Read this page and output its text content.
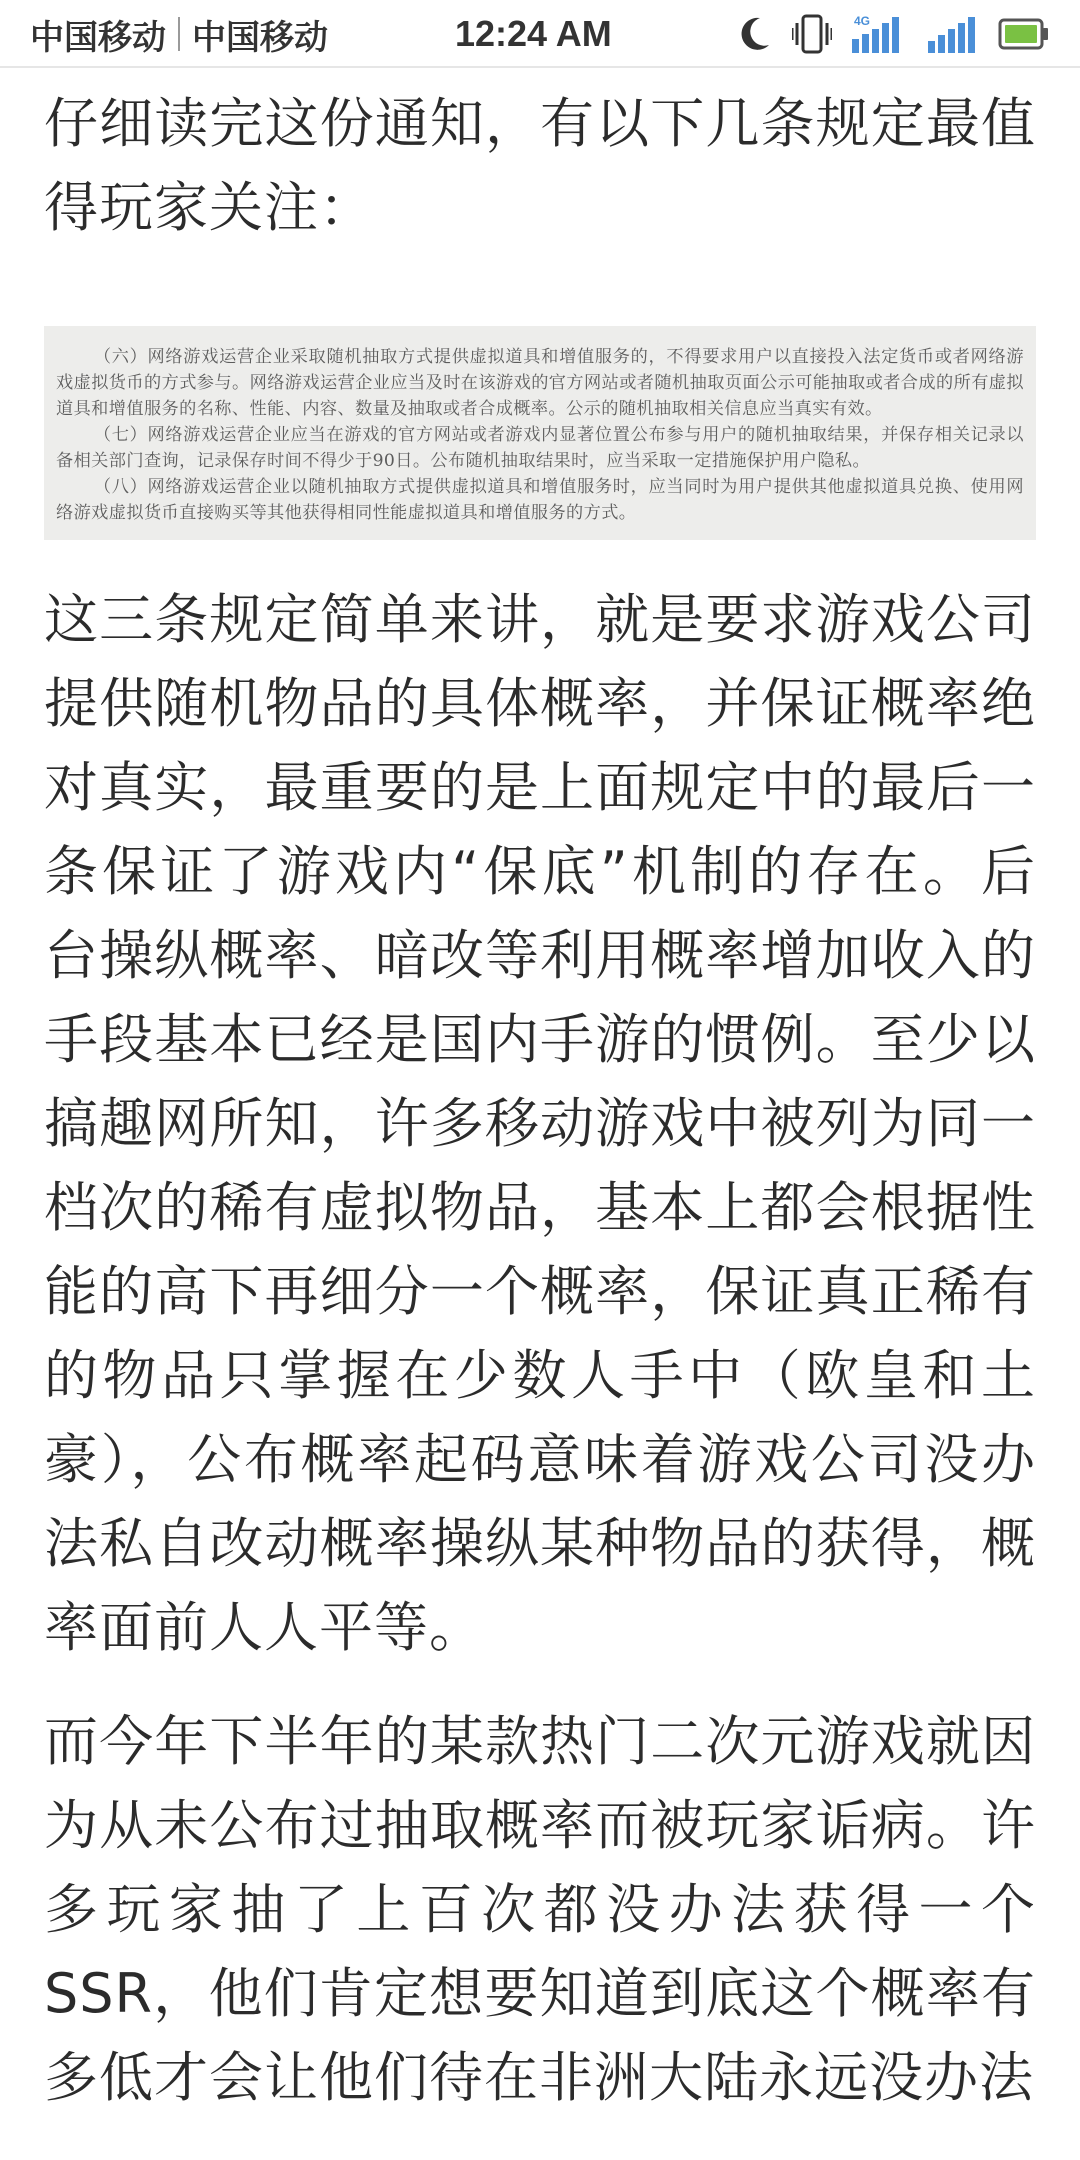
中国移动 中国移动	12:24 AM	4G

仔细读完这份通知，有以下几条规定最值得玩家关注：

（六）网络游戏运营企业采取随机抽取方式提供虚拟道具和增值服务的，不得要求用户以直接投入法定货币或者网络游戏虚拟货币的方式参与。网络游戏运营企业应当及时在该游戏的官方网站或者随机抽取页面公示可能抽取或者合成的所有虚拟道具和增值服务的名称、性能、内容、数量及抽取或者合成概率。公示的随机抽取相关信息应当真实有效。

（七）网络游戏运营企业应当在游戏的官方网站或者游戏内显著位置公布参与用户的随机抽取结果，并保存相关记录以备相关部门查询，记录保存时间不得少于90日。公布随机抽取结果时，应当采取一定措施保护用户隐私。

（八）网络游戏运营企业以随机抽取方式提供虚拟道具和增值服务时，应当同时为用户提供其他虚拟道具兑换、使用网络游戏虚拟货币直接购买等其他获得相同性能虚拟道具和增值服务的方式。

这三条规定简单来讲，就是要求游戏公司提供随机物品的具体概率，并保证概率绝对真实，最重要的是上面规定中的最后一条保证了游戏内“保底”机制的存在。后台操纵概率、暗改等利用概率增加收入的手段基本已经是国内手游的惯例。至少以搞趣网所知，许多移动游戏中被列为同一档次的稀有虚拟物品，基本上都会根据性能的高下再细分一个概率，保证真正稀有的物品只掌握在少数人手中（欧皇和土豪），公布概率起码意味着游戏公司没办法私自改动概率操纵某种物品的获得，概率面前人人平等。

而今年下半年的某款热门二次元游戏就因为从未公布过抽取概率而被玩家诟病。许多玩家抽了上百次都没办法获得一个SSR，他们肯定想要知道到底这个概率有多低才会让他们待在非洲大陆永远没办法
